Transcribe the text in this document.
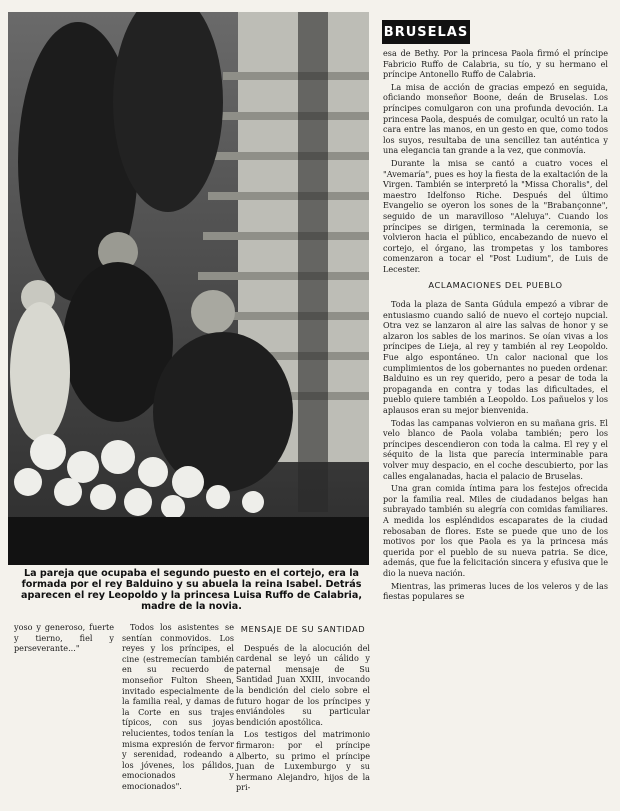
La pareja que ocupaba el segundo puesto en el cortejo, era la formada por el rey Balduino y su abuela la reina Isabel. Detrás aparecen el rey Leopoldo y la princesa Luisa Ruffo de Calabria, madre de la novia.
BRUSELAS

esa de Bethy. Por la princesa Paola firmó el príncipe Fabricio Ruffo de Calabria, su tío, y su hermano el príncipe Antonello Ruffo de Calabria.

La misa de acción de gracias empezó en seguida, oficiando monseñor Boone, deán de Bruselas. Los príncipes comulgaron con una profunda devoción. La princesa Paola, después de comulgar, ocultó un rato la cara entre las manos, en un gesto en que, como todos los suyos, resultaba de una sencillez tan auténtica y una elegancia tan grande a la vez, que conmovía.

Durante la misa se cantó a cuatro voces el "Avemaría", pues es hoy la fiesta de la exaltación de la Virgen. También se interpretó la "Missa Choralis", del maestro Idelfonso Riche. Después del último Evangelio se oyeron los sones de la "Brabançonne", seguido de un maravilloso "Aleluya". Cuando los príncipes se dirigen, terminada la ceremonia, se volvieron hacia el público, encabezando de nuevo el cortejo, el órgano, las trompetas y los tambores comenzaron a tocar el "Post Ludium", de Luis de Lecester.

ACLAMACIONES DEL PUEBLO

Toda la plaza de Santa Gúdula empezó a vibrar de entusiasmo cuando salió de nuevo el cortejo nupcial. Otra vez se lanzaron al aire las salvas de honor y se alzaron los sables de los marinos. Se oían vivas a los príncipes de Lieja, al rey y también al rey Leopoldo. Fue algo espontáneo. Un calor nacional que los cumplimientos de los gobernantes no pueden ordenar. Balduino es un rey querido, pero a pesar de toda la propaganda en contra y todas las dificultades, el pueblo quiere también a Leopoldo. Los pañuelos y los aplausos eran su mejor bienvenida.

Todas las campanas volvieron en su mañana gris. El velo blanco de Paola volaba también; pero los príncipes descendieron con toda la calma. El rey y el séquito de la lista que parecía interminable para volver muy despacio, en el coche descubierto, por las calles engalanadas, hacia el palacio de Bruselas.

Una gran comida íntima para los festejos ofrecida por la familia real. Miles de ciudadanos belgas han subrayado también su alegría con comidas familiares. A medida los espléndidos escaparates de la ciudad rebosaban de flores. Este se puede que uno de los motivos por los que Paola es ya la princesa más querida por el pueblo de su nueva patria. Se dice, además, que fue la felicitación sincera y efusiva que le dio la nueva nación.

Mientras, las primeras luces de los veleros y de las fiestas populares se

yoso y generoso, fuerte y tierno, fiel y perseverante..."

Todos los asistentes se sentían conmovidos. Los reyes y los príncipes, el cine (estremecían también en su recuerdo de monseñor Fulton Sheen, invitado especialmente de la familia real, y damas de la Corte en sus trajes típicos, con sus joyas relucientes, todos tenían la misma expresión de fervor y serenidad, rodeando a los jóvenes, los pálidos, emocionados y emocionados".

MENSAJE DE SU SANTIDAD

Después de la alocución del cardenal se leyó un cálido y paternal mensaje de Su Santidad Juan XXIII, invocando la bendición del cielo sobre el futuro hogar de los príncipes y enviándoles su particular bendición apostólica.

Los testigos del matrimonio firmaron: por el príncipe Alberto, su primo el príncipe Juan de Luxemburgo y su hermano Alejandro, hijos de la pri-
